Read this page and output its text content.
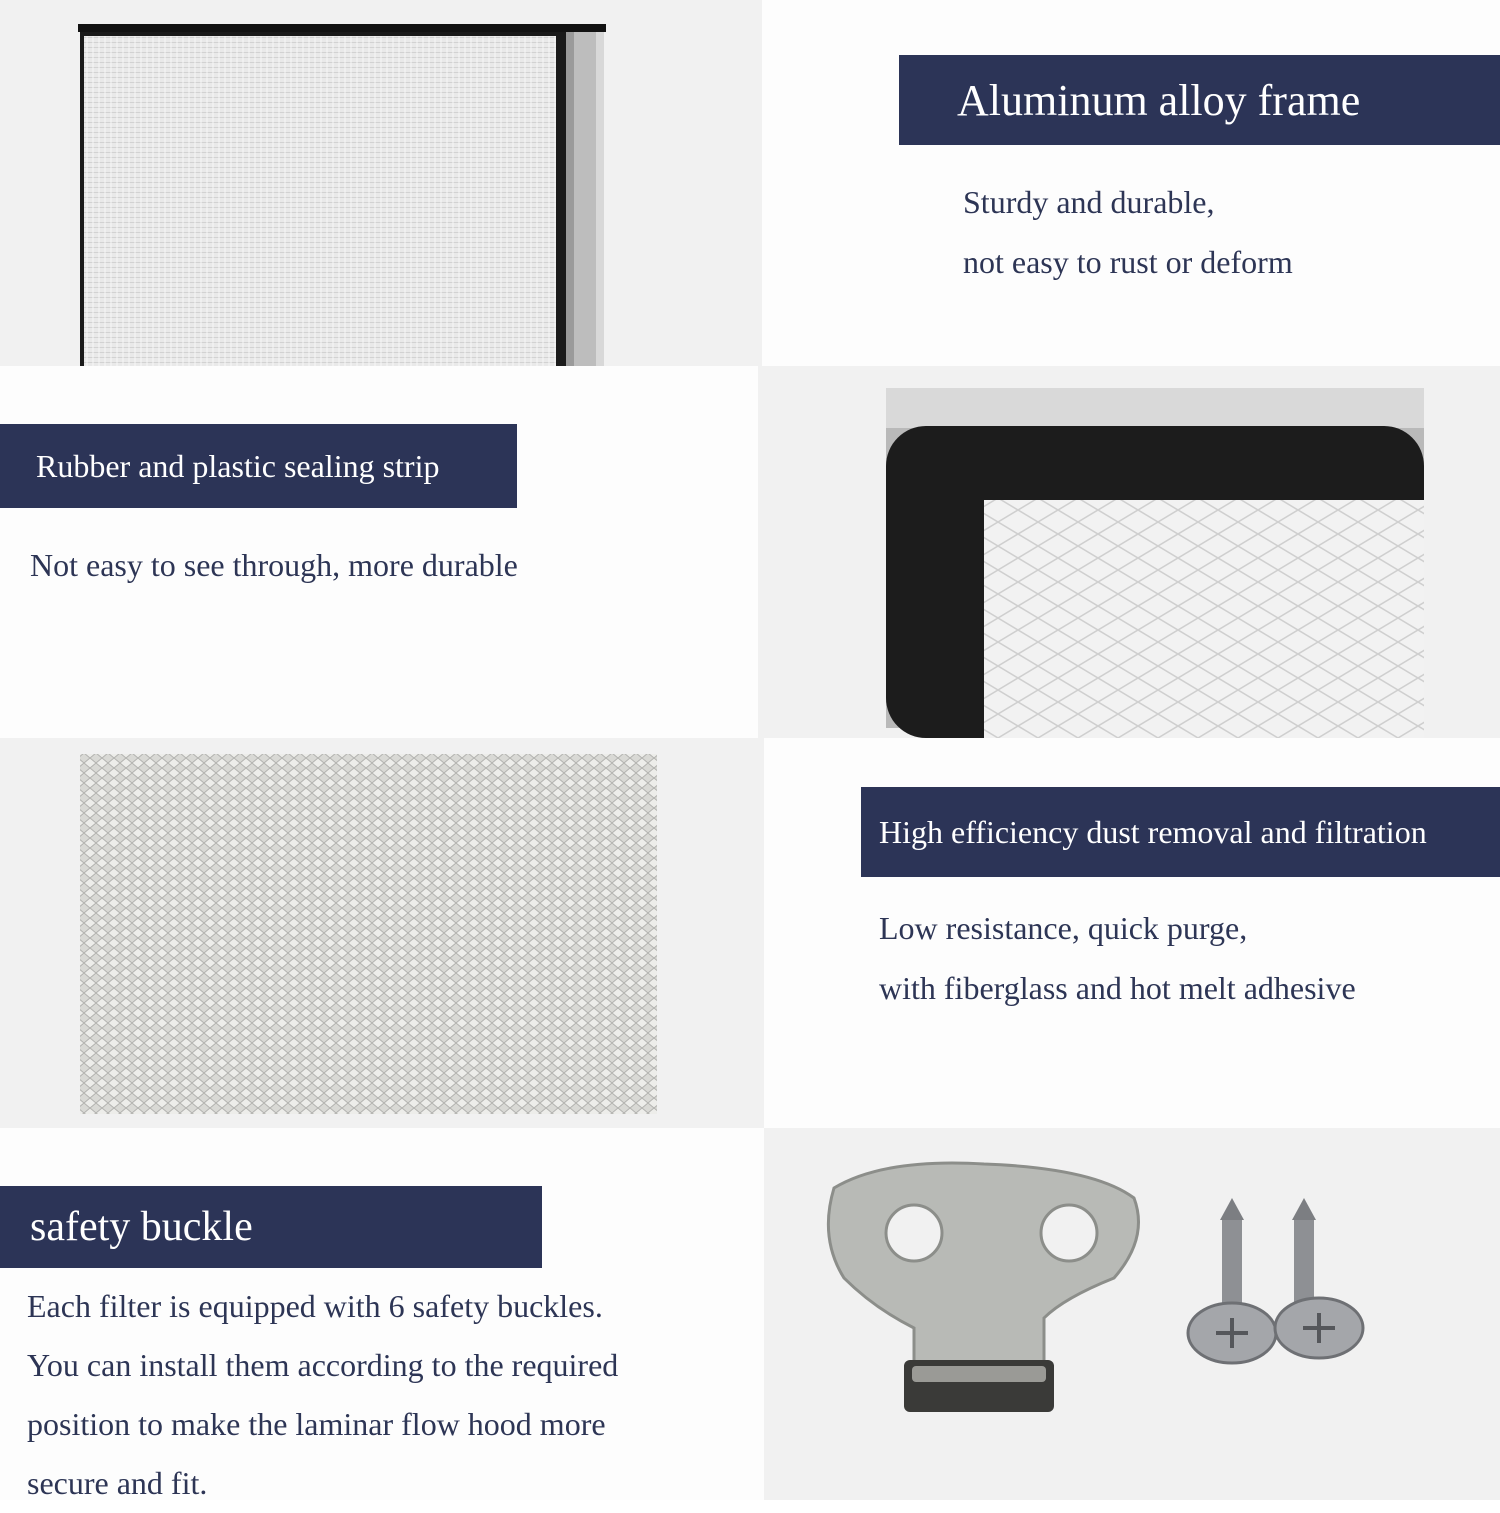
Aluminum alloy frame
Sturdy and durable,
not easy to rust or deform
Rubber and plastic sealing strip
Not easy to see through, more durable
High efficiency dust removal and filtration
Low resistance, quick purge,
with fiberglass and hot melt adhesive
safety buckle
Each filter is equipped with 6 safety buckles.
You can install them according to the required
position to make the laminar flow hood more
secure and fit.
